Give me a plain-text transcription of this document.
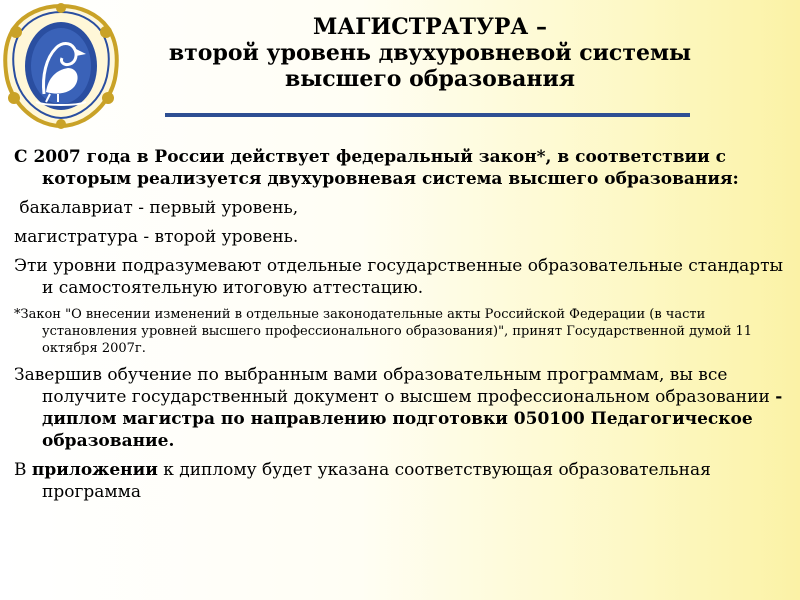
МАГИСТРАТУРА –
второй уровень двухуровневой системы
высшего образования

С 2007 года в России действует федеральный закон*, в соответствии с которым реализуется двухуровневая система высшего образования:

бакалавриат - первый уровень,

магистратура - второй уровень.

Эти уровни подразумевают отдельные государственные образовательные стандарты и самостоятельную итоговую аттестацию.

*Закон "О внесении изменений в отдельные законодательные акты Российской Федерации (в части установления уровней высшего профессионального образования)", принят Государственной думой 11 октября 2007г.

Завершив обучение по выбранным вами образовательным программам, вы все получите государственный документ о высшем профессиональном образовании - диплом магистра по направлению подготовки 050100 Педагогическое образование.

В приложении к диплому будет указана соответствующая образовательная программа
